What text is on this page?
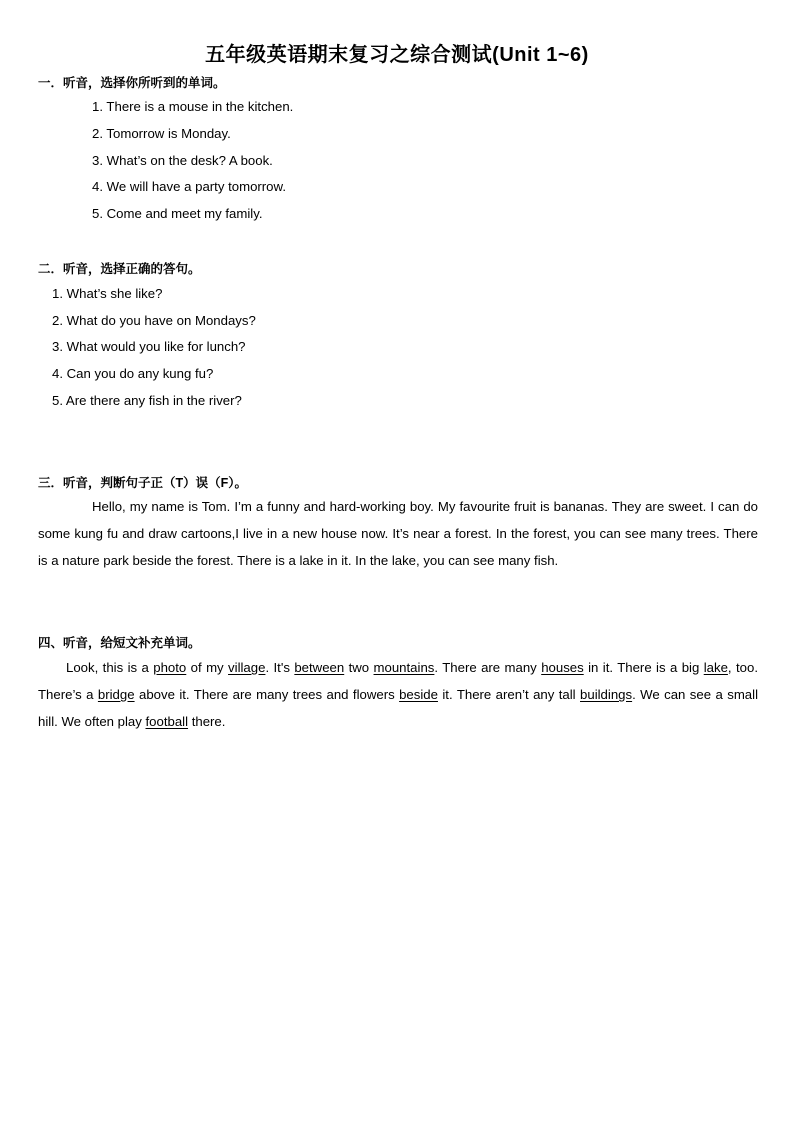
五年级英语期末复习之综合测试(Unit 1~6)
一．听音，选择你所听到的单词。
1. There is a mouse in the kitchen.
2. Tomorrow is Monday.
3. What’s on the desk? A book.
4. We will have a party tomorrow.
5. Come and meet my family.
二．听音，选择正确的答句。
1. What’s she like?
2. What do you have on Mondays?
3. What would you like for lunch?
4. Can you do any kung fu?
5. Are there any fish in the river?
三．听音，判断句子正（T）误（F）。
Hello, my name is Tom. I’m a funny and hard-working boy. My favourite fruit is bananas. They are sweet. I can do some kung fu and draw cartoons,I live in a new house now. It’s near a forest. In the forest, you can see many trees. There is a nature park beside the forest. There is a lake in it. In the lake, you can see many fish.
四、听音，给短文补充单词。
Look, this is a photo of my village. It's between two mountains. There are many houses in it. There is a big lake, too. There’s a bridge above it. There are many trees and flowers beside it. There aren’t any tall buildings. We can see a small hill. We often play football there.
